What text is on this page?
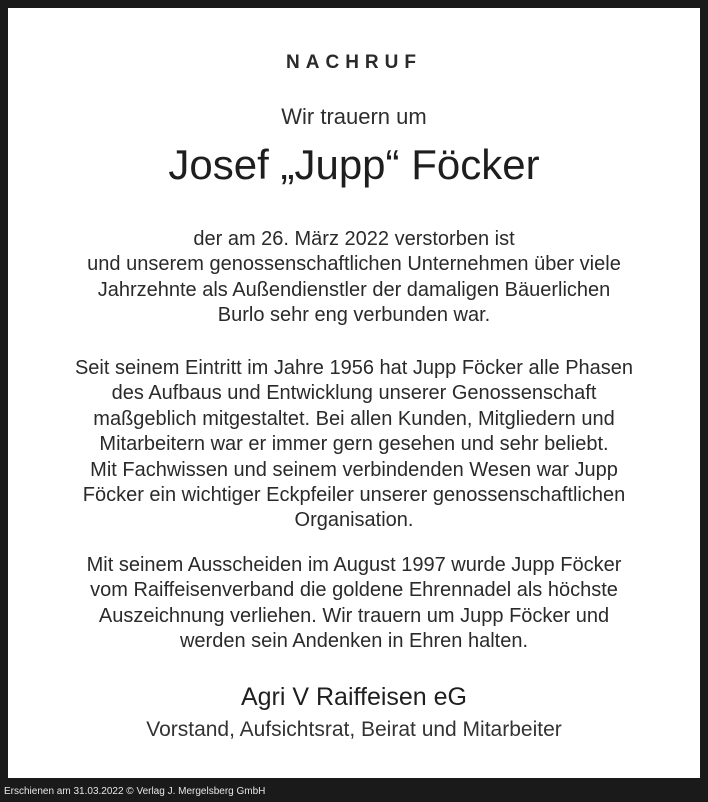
NACHRUF
Wir trauern um
Josef „Jupp“ Föcker
der am 26. März 2022 verstorben ist
und unserem genossenschaftlichen Unternehmen über viele
Jahrzehnte als Außendienstler der damaligen Bäuerlichen
Burlo sehr eng verbunden war.
Seit seinem Eintritt im Jahre 1956 hat Jupp Föcker alle Phasen
des Aufbaus und Entwicklung unserer Genossenschaft
maßgeblich mitgestaltet. Bei allen Kunden, Mitgliedern und
Mitarbeitern war er immer gern gesehen und sehr beliebt.
Mit Fachwissen und seinem verbindenden Wesen war Jupp
Föcker ein wichtiger Eckpfeiler unserer genossenschaftlichen
Organisation.
Mit seinem Ausscheiden im August 1997 wurde Jupp Föcker
vom Raiffeisenverband die goldene Ehrennadel als höchste
Auszeichnung verliehen. Wir trauern um Jupp Föcker und
werden sein Andenken in Ehren halten.
Agri V Raiffeisen eG
Vorstand, Aufsichtsrat, Beirat und Mitarbeiter
Erschienen am 31.03.2022 © Verlag J. Mergelsberg GmbH
